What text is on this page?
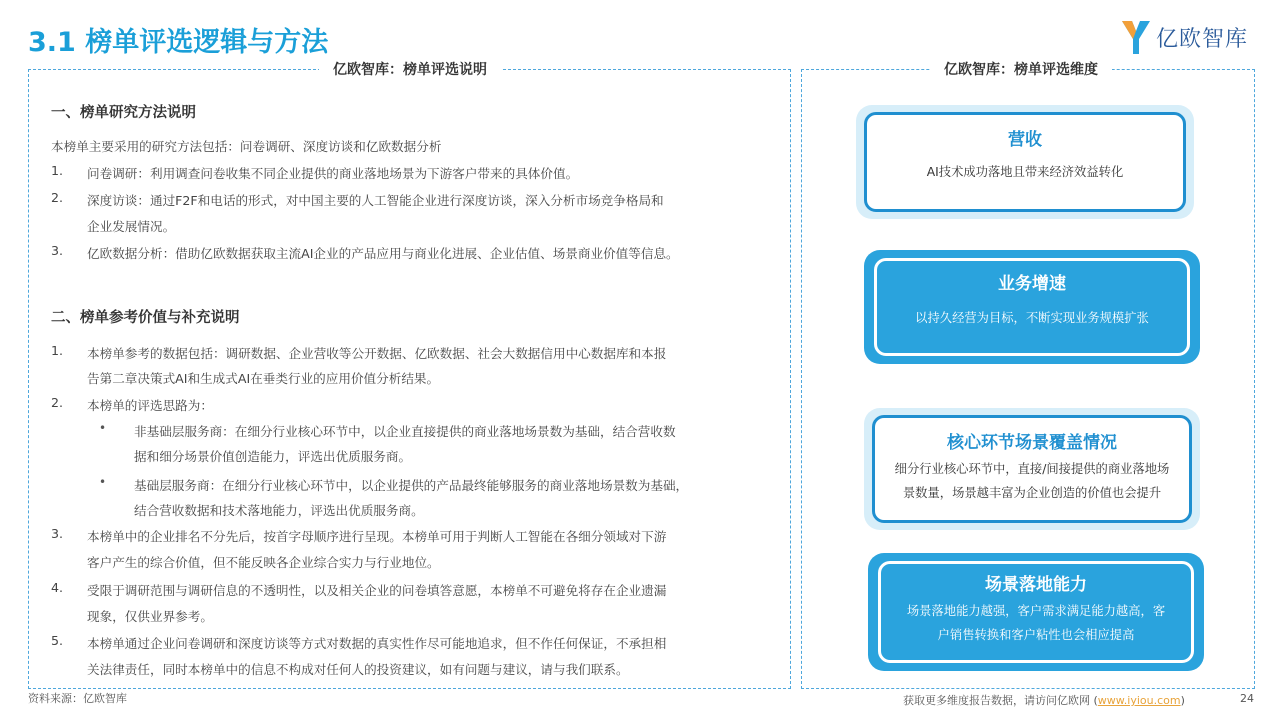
3.1 榜单评选逻辑与方法	亿欧智库
亿欧智库：榜单评选说明
一、榜单研究方法说明
本榜单主要采用的研究方法包括：问卷调研、深度访谈和亿欧数据分析
1. 问卷调研：利用调查问卷收集不同企业提供的商业落地场景为下游客户带来的具体价值。
2. 深度访谈：通过F2F和电话的形式，对中国主要的人工智能企业进行深度访谈，深入分析市场竞争格局和
企业发展情况。
3. 亿欧数据分析：借助亿欧数据获取主流AI企业的产品应用与商业化进展、企业估值、场景商业价值等信息。
二、榜单参考价值与补充说明
1. 本榜单参考的数据包括：调研数据、企业营收等公开数据、亿欧数据、社会大数据信用中心数据库和本报
告第二章决策式AI和生成式AI在垂类行业的应用价值分析结果。
2. 本榜单的评选思路为：
• 非基础层服务商：在细分行业核心环节中，以企业直接提供的商业落地场景数为基础，结合营收数
据和细分场景价值创造能力，评选出优质服务商。
• 基础层服务商：在细分行业核心环节中，以企业提供的产品最终能够服务的商业落地场景数为基础，
结合营收数据和技术落地能力，评选出优质服务商。
3. 本榜单中的企业排名不分先后，按首字母顺序进行呈现。本榜单可用于判断人工智能在各细分领域对下游
客户产生的综合价值，但不能反映各企业综合实力与行业地位。
4. 受限于调研范围与调研信息的不透明性，以及相关企业的问卷填答意愿，本榜单不可避免将存在企业遗漏
现象，仅供业界参考。
5. 本榜单通过企业问卷调研和深度访谈等方式对数据的真实性作尽可能地追求，但不作任何保证，不承担相
关法律责任，同时本榜单中的信息不构成对任何人的投资建议，如有问题与建议，请与我们联系。
亿欧智库：榜单评选维度
营收
AI技术成功落地且带来经济效益转化
业务增速
以持久经营为目标，不断实现业务规模扩张
核心环节场景覆盖情况
细分行业核心环节中，直接/间接提供的商业落地场
景数量，场景越丰富为企业创造的价值也会提升
场景落地能力
场景落地能力越强，客户需求满足能力越高，客
户销售转换和客户粘性也会相应提高
资料来源：亿欧智库	获取更多维度报告数据，请访问亿欧网 (www.iyiou.com)	24
